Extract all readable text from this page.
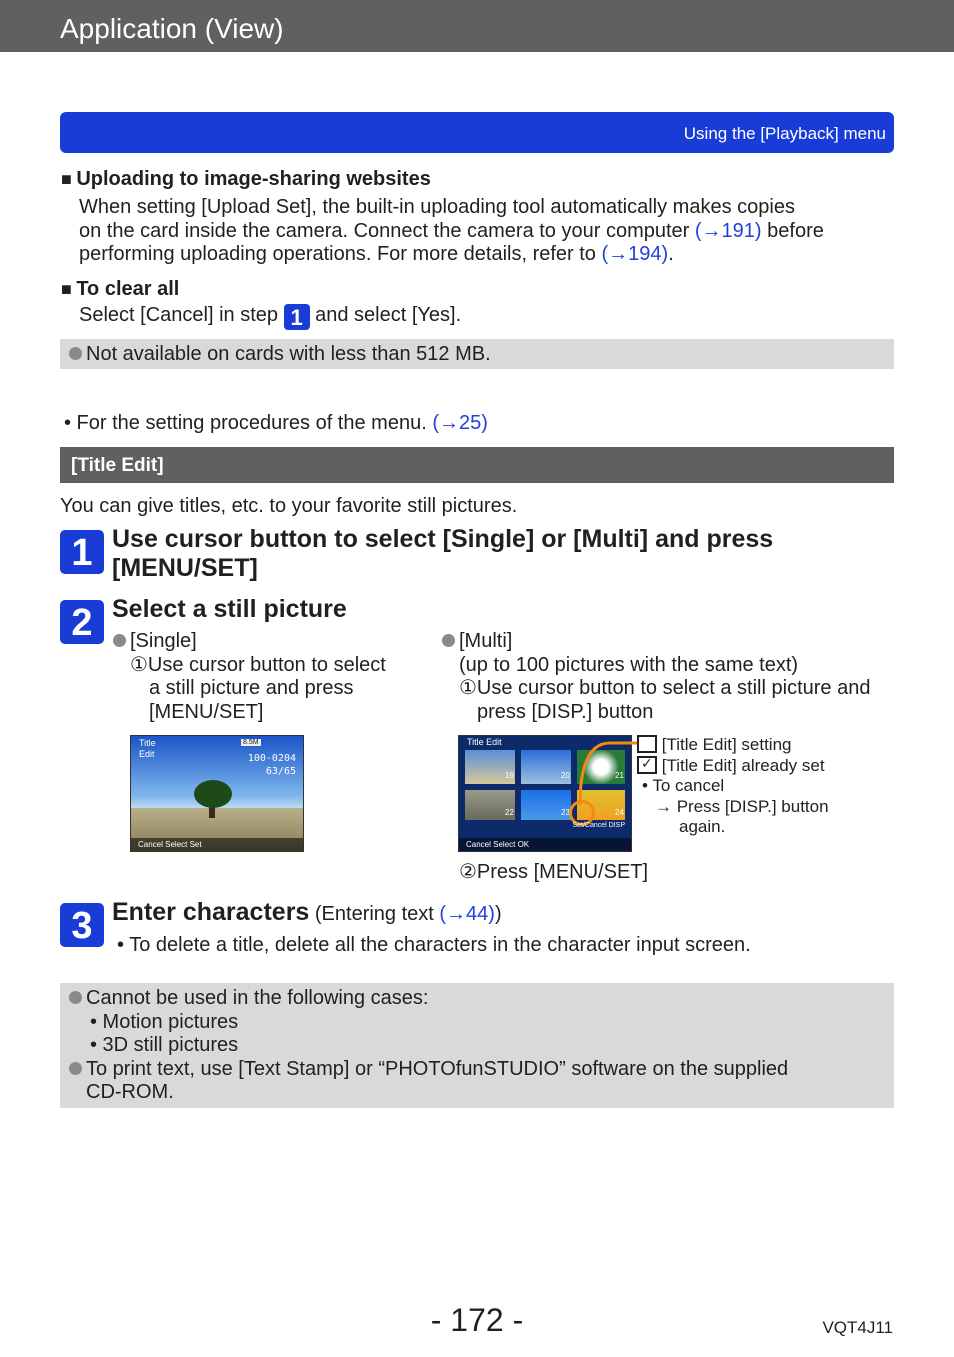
Application (View)
Using the [Playback] menu
■ Uploading to image-sharing websites
When setting [Upload Set], the built-in uploading tool automatically makes copies
on the card inside the camera. Connect the camera to your computer (→191) before
performing uploading operations. For more details, refer to (→194).
■ To clear all
Select [Cancel] in step 1 and select [Yes].
Not available on cards with less than 512 MB.
• For the setting procedures of the menu. (→25)
[Title Edit]
You can give titles, etc. to your favorite still pictures.
1 Use cursor button to select [Single] or [Multi] and press
[MENU/SET]
2 Select a still picture
[Single]
①Use cursor button to select
a still picture and press
[MENU/SET]
[Multi]
(up to 100 pictures with the same text)
①Use cursor button to select a still picture and
press [DISP.] button
Title
Edit
8.5M
100-0204
63/65
Cancel Select Set
Title Edit
19	20	21
22	23	24
Set/Cancel DISP
Cancel Select OK
[Title Edit] setting
✓ [Title Edit] already set
• To cancel
→ Press [DISP.] button
again.
②Press [MENU/SET]
3 Enter characters (Entering text (→44))
• To delete a title, delete all the characters in the character input screen.
Cannot be used in the following cases:
• Motion pictures
• 3D still pictures
To print text, use [Text Stamp] or “PHOTOfunSTUDIO” software on the supplied
CD-ROM.
- 172 -	VQT4J11
